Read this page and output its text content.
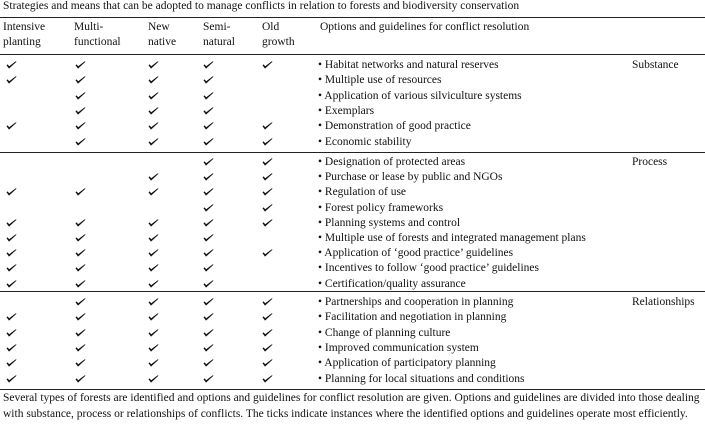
Strategies and means that can be adopted to manage conflicts in relation to forests and biodiversity conservation
Intensive
planting
Multi-
functional
New
native
Semi-
natural
Old
growth
Options and guidelines for conflict resolution
Substance
• Habitat networks and natural reserves
• Multiple use of resources
• Application of various silviculture systems
• Exemplars
• Demonstration of good practice
• Economic stability
Process
• Designation of protected areas
• Purchase or lease by public and NGOs
• Regulation of use
• Forest policy frameworks
• Planning systems and control
• Multiple use of forests and integrated management plans
• Application of ‘good practice’ guidelines
• Incentives to follow ‘good practice’ guidelines
• Certification/quality assurance
Relationships
• Partnerships and cooperation in planning
• Facilitation and negotiation in planning
• Change of planning culture
• Improved communication system
• Application of participatory planning
• Planning for local situations and conditions
Several types of forests are identified and options and guidelines for conflict resolution are given. Options and guidelines are divided into those dealing with substance, process or relationships of conflicts. The ticks indicate instances where the identified options and guidelines operate most efficiently.
